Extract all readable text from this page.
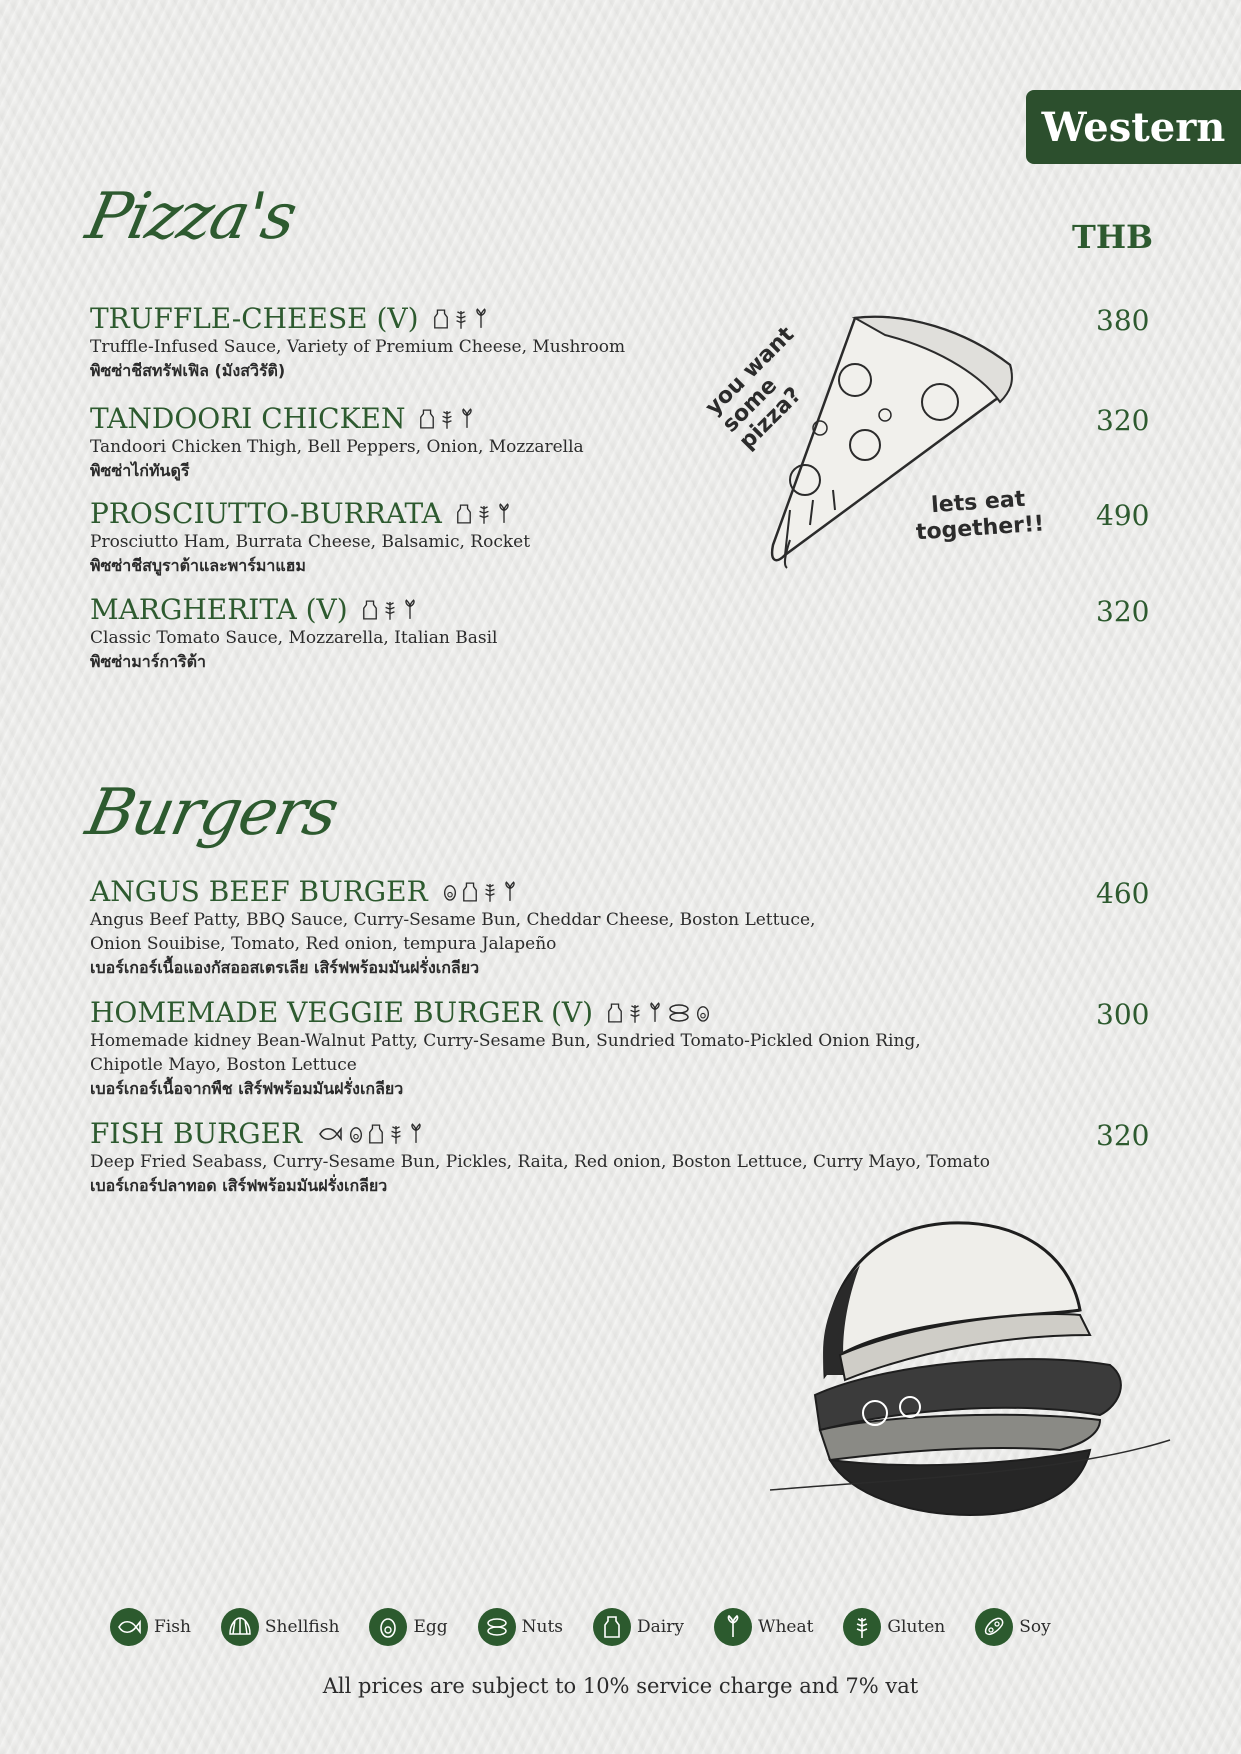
Western
Pizza's	THB
TRUFFLE-CHEESE (V)
Truffle-Infused Sauce, Variety of Premium Cheese, Mushroom
พิซซ่าชีสทรัฟเฟิล (มังสวิรัติ)
380
TANDOORI CHICKEN
Tandoori Chicken Thigh, Bell Peppers, Onion, Mozzarella
พิซซ่าไก่ทันดูรี
320
PROSCIUTTO-BURRATA
Prosciutto Ham, Burrata Cheese, Balsamic, Rocket
พิซซ่าชีสบูราต้าและพาร์มาแฮม
490
MARGHERITA (V)
Classic Tomato Sauce, Mozzarella, Italian Basil
พิซซ่ามาร์การิต้า
320
you want some pizza?
lets eat
together!!
Burgers
ANGUS BEEF BURGER
Angus Beef Patty, BBQ Sauce, Curry-Sesame Bun, Cheddar Cheese, Boston Lettuce,
Onion Souibise, Tomato, Red onion, tempura Jalapeño
เบอร์เกอร์เนื้อแองกัสออสเตรเลีย เสิร์ฟพร้อมมันฝรั่งเกลียว
460
HOMEMADE VEGGIE BURGER (V)
Homemade kidney Bean-Walnut Patty, Curry-Sesame Bun, Sundried Tomato-Pickled Onion Ring,
Chipotle Mayo, Boston Lettuce
เบอร์เกอร์เนื้อจากพืช เสิร์ฟพร้อมมันฝรั่งเกลียว
300
FISH BURGER
Deep Fried Seabass, Curry-Sesame Bun, Pickles, Raita, Red onion, Boston Lettuce, Curry Mayo, Tomato
เบอร์เกอร์ปลาทอด เสิร์ฟพร้อมมันฝรั่งเกลียว
320
Fish	Shellfish	Egg	Nuts	Dairy	Wheat	Gluten	Soy
All prices are subject to 10% service charge and 7% vat
